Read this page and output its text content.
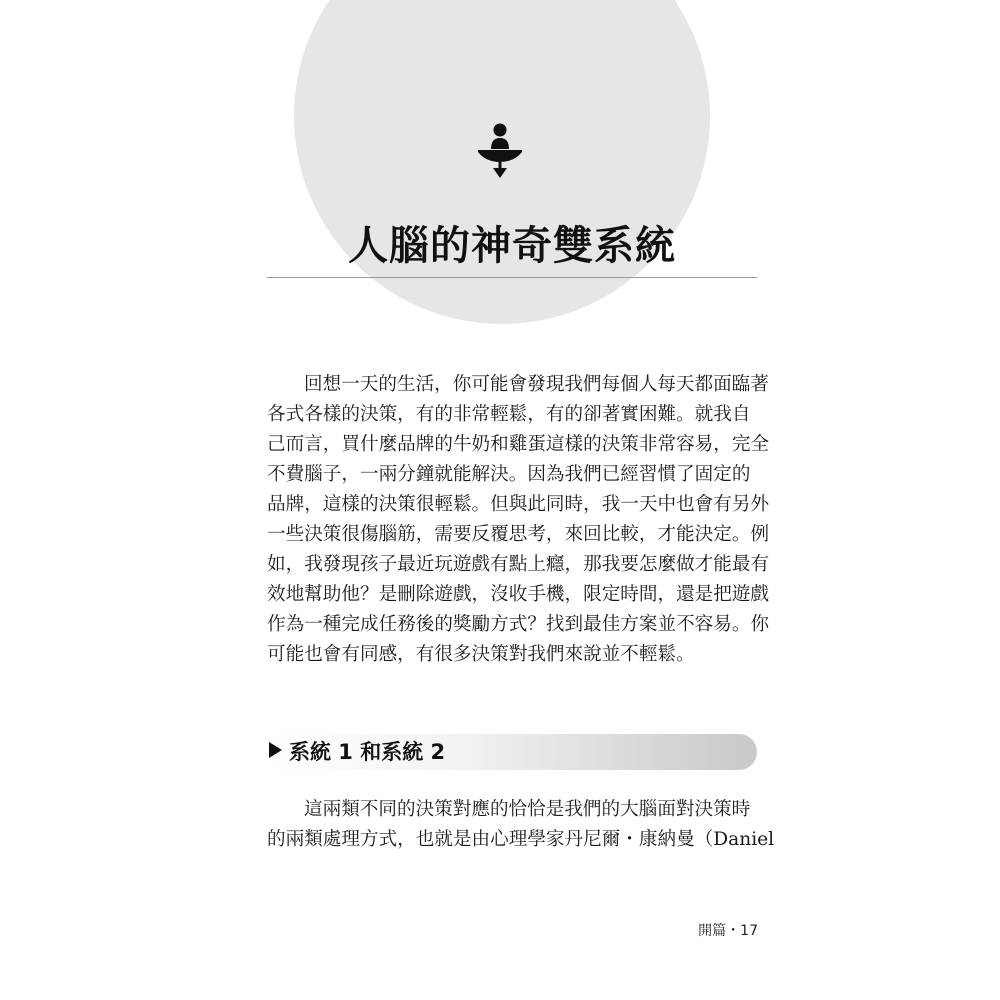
人腦的神奇雙系統
回想一天的生活，你可能會發現我們每個人每天都面臨著
各式各樣的決策，有的非常輕鬆，有的卻著實困難。就我自
己而言，買什麼品牌的牛奶和雞蛋這樣的決策非常容易，完全
不費腦子，一兩分鐘就能解決。因為我們已經習慣了固定的
品牌，這樣的決策很輕鬆。但與此同時，我一天中也會有另外
一些決策很傷腦筋，需要反覆思考，來回比較，才能決定。例
如，我發現孩子最近玩遊戲有點上癮，那我要怎麼做才能最有
效地幫助他？是刪除遊戲，沒收手機，限定時間，還是把遊戲
作為一種完成任務後的獎勵方式？找到最佳方案並不容易。你
可能也會有同感，有很多決策對我們來說並不輕鬆。
系統 1 和系統 2
這兩類不同的決策對應的恰恰是我們的大腦面對決策時
的兩類處理方式，也就是由心理學家丹尼爾・康納曼（Daniel
開篇・17
